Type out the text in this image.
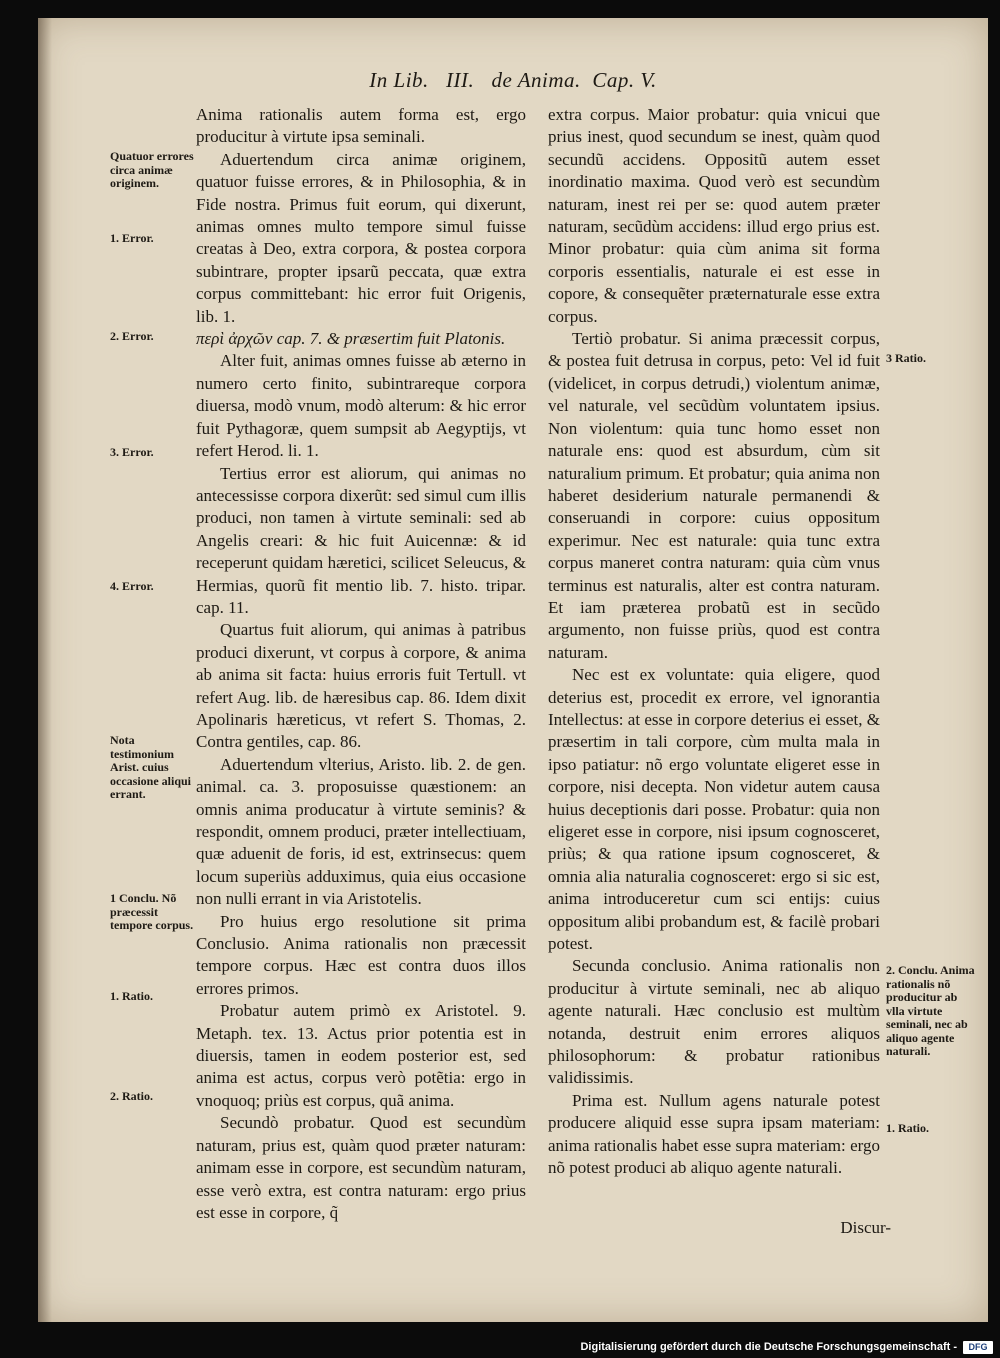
In Lib. III. de Anima. Cap. V.
Quatuor errores circa animæ originem.
1. Error.
2. Error.
3. Error.
4. Error.
Nota testimonium Arist. cuius occasione aliqui errant.
1 Conclu. Nõ præcessit tempore corpus.
1. Ratio.
2. Ratio.
3 Ratio.
2. Conclu. Anima rationalis nõ producitur ab vlla virtute seminali, nec ab aliquo agente naturali.
1. Ratio.

Anima rationalis autem forma est, ergo producitur à virtute ipsa seminali.

Aduertendum circa animæ originem, quatuor fuisse errores, & in Philosophia, & in Fide nostra. Primus fuit eorum, qui dixerunt, animas omnes multo tempore simul fuisse creatas à Deo, extra corpora, & postea corpora subintrare, propter ipsarũ peccata, quæ extra corpus committebant: hic error fuit Origenis, lib. 1.

περὶ ἀρχῶν cap. 7. & præsertim fuit Platonis.

Alter fuit, animas omnes fuisse ab æterno in numero certo finito, subintrareque corpora diuersa, modò vnum, modò alterum: & hic error fuit Pythagoræ, quem sumpsit ab Aegyptijs, vt refert Herod. li. 1.

Tertius error est aliorum, qui animas no antecessisse corpora dixerũt: sed simul cum illis produci, non tamen à virtute seminali: sed ab Angelis creari: & hic fuit Auicennæ: & id receperunt quidam hæretici, scilicet Seleucus, & Hermias, quorũ fit mentio lib. 7. histo. tripar. cap. 11.

Quartus fuit aliorum, qui animas à patribus produci dixerunt, vt corpus à corpore, & anima ab anima sit facta: huius erroris fuit Tertull. vt refert Aug. lib. de hæresibus cap. 86. Idem dixit Apolinaris hæreticus, vt refert S. Thomas, 2. Contra gentiles, cap. 86.

Aduertendum vlterius, Aristo. lib. 2. de gen. animal. ca. 3. proposuisse quæstionem: an omnis anima producatur à virtute seminis? & respondit, omnem produci, præter intellectiuam, quæ aduenit de foris, id est, extrinsecus: quem locum superiùs adduximus, quia eius occasione non nulli errant in via Aristotelis.

Pro huius ergo resolutione sit prima Conclusio. Anima rationalis non præcessit tempore corpus. Hæc est contra duos illos errores primos.

Probatur autem primò ex Aristotel. 9. Metaph. tex. 13. Actus prior potentia est in diuersis, tamen in eodem posterior est, sed anima est actus, corpus verò potẽtia: ergo in vnoquoq; priùs est corpus, quã anima.

Secundò probatur. Quod est secundùm naturam, prius est, quàm quod præter naturam: animam esse in corpore, est secundùm naturam, esse verò extra, est contra naturam: ergo prius est esse in corpore, q̃

extra corpus. Maior probatur: quia vnicui que prius inest, quod secundum se inest, quàm quod secundũ accidens. Oppositũ autem esset inordinatio maxima. Quod verò est secundùm naturam, inest rei per se: quod autem præter naturam, secũdùm accidens: illud ergo prius est. Minor probatur: quia cùm anima sit forma corporis essentialis, naturale ei est esse in copore, & consequẽter præternaturale esse extra corpus.

Tertiò probatur. Si anima præcessit corpus, & postea fuit detrusa in corpus, peto: Vel id fuit (videlicet, in corpus detrudi,) violentum animæ, vel naturale, vel secũdùm voluntatem ipsius. Non violentum: quia tunc homo esset non naturale ens: quod est absurdum, cùm sit naturalium primum. Et probatur; quia anima non haberet desiderium naturale permanendi & conseruandi in corpore: cuius oppositum experimur. Nec est naturale: quia tunc extra corpus maneret contra naturam: quia cùm vnus terminus est naturalis, alter est contra naturam. Et iam præterea probatũ est in secũdo argumento, non fuisse priùs, quod est contra naturam.

Nec est ex voluntate: quia eligere, quod deterius est, procedit ex errore, vel ignorantia Intellectus: at esse in corpore deterius ei esset, & præsertim in tali corpore, cùm multa mala in ipso patiatur: nõ ergo voluntate eligeret esse in corpore, nisi decepta. Non videtur autem causa huius deceptionis dari posse. Probatur: quia non eligeret esse in corpore, nisi ipsum cognosceret, priùs; & qua ratione ipsum cognosceret, & omnia alia naturalia cognosceret: ergo si sic est, anima introduceretur cum sci entijs: cuius oppositum alibi probandum est, & facilè probari potest.

Secunda conclusio. Anima rationalis non producitur à virtute seminali, nec ab aliquo agente naturali. Hæc conclusio est multùm notanda, destruit enim errores aliquos philosophorum: & probatur rationibus validissimis.

Prima est. Nullum agens naturale potest producere aliquid esse supra ipsam materiam: anima rationalis habet esse supra materiam: ergo nõ potest produci ab aliquo agente naturali.

Discur-
Digitalisierung gefördert durch die Deutsche Forschungsgemeinschaft -	DFG
